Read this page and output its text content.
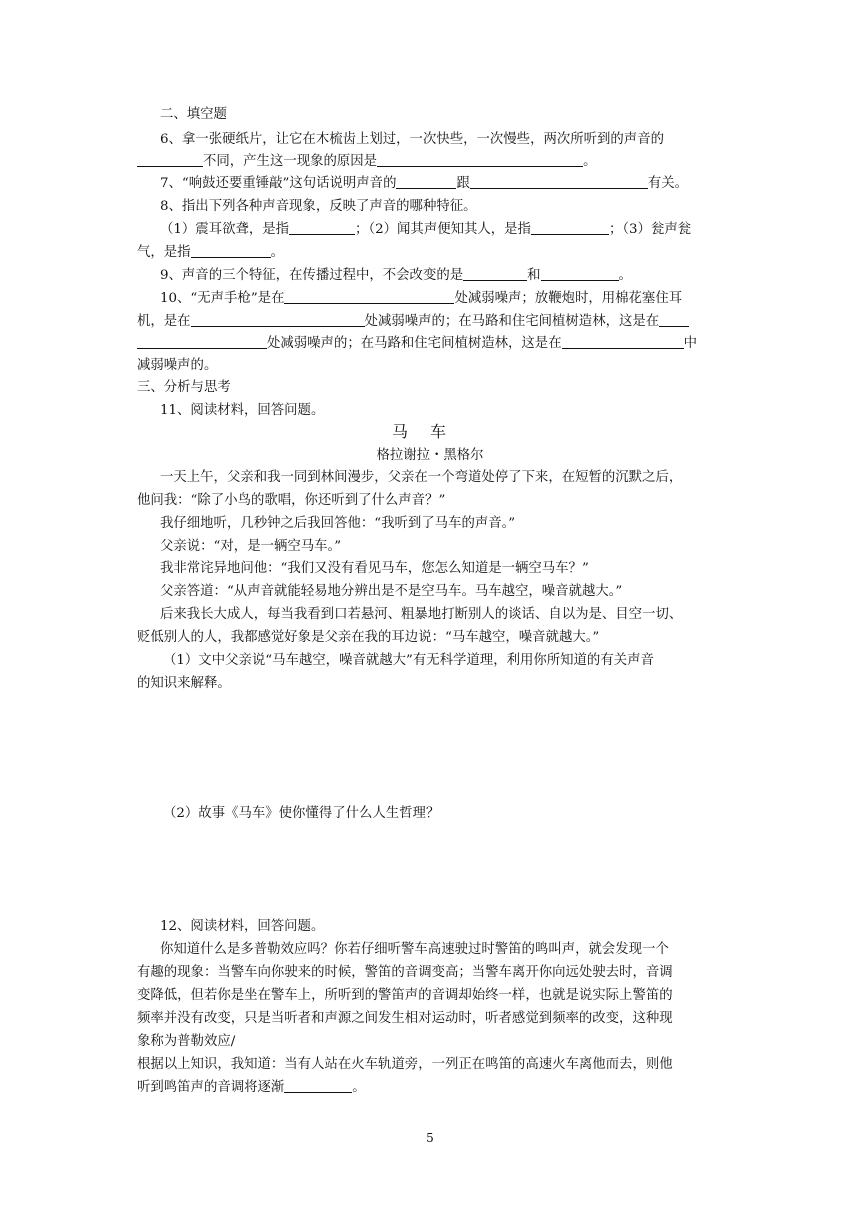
二、填空题
6、拿一张硬纸片，让它在木梳齿上划过，一次快些，一次慢些，两次所听到的声音的
不同，产生这一现象的原因是	。
7、“响鼓还要重锤敲”这句话说明声音的	跟	有关。
8、指出下列各种声音现象，反映了声音的哪种特征。
（1）震耳欲聋，是指	；（2）闻其声便知其人，是指	；（3）瓮声瓮
气，是指	。
9、声音的三个特征，在传播过程中，不会改变的是	和	。
10、“无声手枪”是在	处减弱噪声；放鞭炮时，用棉花塞住耳
机，是在	处减弱噪声的；在马路和住宅间植树造林，这是在
处减弱噪声的；在马路和住宅间植树造林，这是在	中
减弱噪声的。
三、分析与思考
11、阅读材料，回答问题。
马车
格拉谢拉・黑格尔
一天上午，父亲和我一同到林间漫步，父亲在一个弯道处停了下来，在短暂的沉默之后，
他问我：“除了小鸟的歌唱，你还听到了什么声音？”
我仔细地听，几秒钟之后我回答他：“我听到了马车的声音。”
父亲说：“对，是一辆空马车。”
我非常诧异地问他：“我们又没有看见马车，您怎么知道是一辆空马车？”
父亲答道：“从声音就能轻易地分辨出是不是空马车。马车越空，噪音就越大。”
后来我长大成人，每当我看到口若悬河、粗暴地打断别人的谈话、自以为是、目空一切、
贬低别人的人，我都感觉好象是父亲在我的耳边说：“马车越空，噪音就越大。”
（1）文中父亲说“马车越空，噪音就越大”有无科学道理，利用你所知道的有关声音
的知识来解释。
（2）故事《马车》使你懂得了什么人生哲理？
12、阅读材料，回答问题。
你知道什么是多普勒效应吗？你若仔细听警车高速驶过时警笛的鸣叫声，就会发现一个
有趣的现象：当警车向你驶来的时候，警笛的音调变高；当警车离开你向远处驶去时，音调
变降低，但若你是坐在警车上，所听到的警笛声的音调却始终一样，也就是说实际上警笛的
频率并没有改变，只是当听者和声源之间发生相对运动时，听者感觉到频率的改变，这种现
象称为普勒效应/
根据以上知识，我知道：当有人站在火车轨道旁，一列正在鸣笛的高速火车离他而去，则他
听到鸣笛声的音调将逐渐	。
5
